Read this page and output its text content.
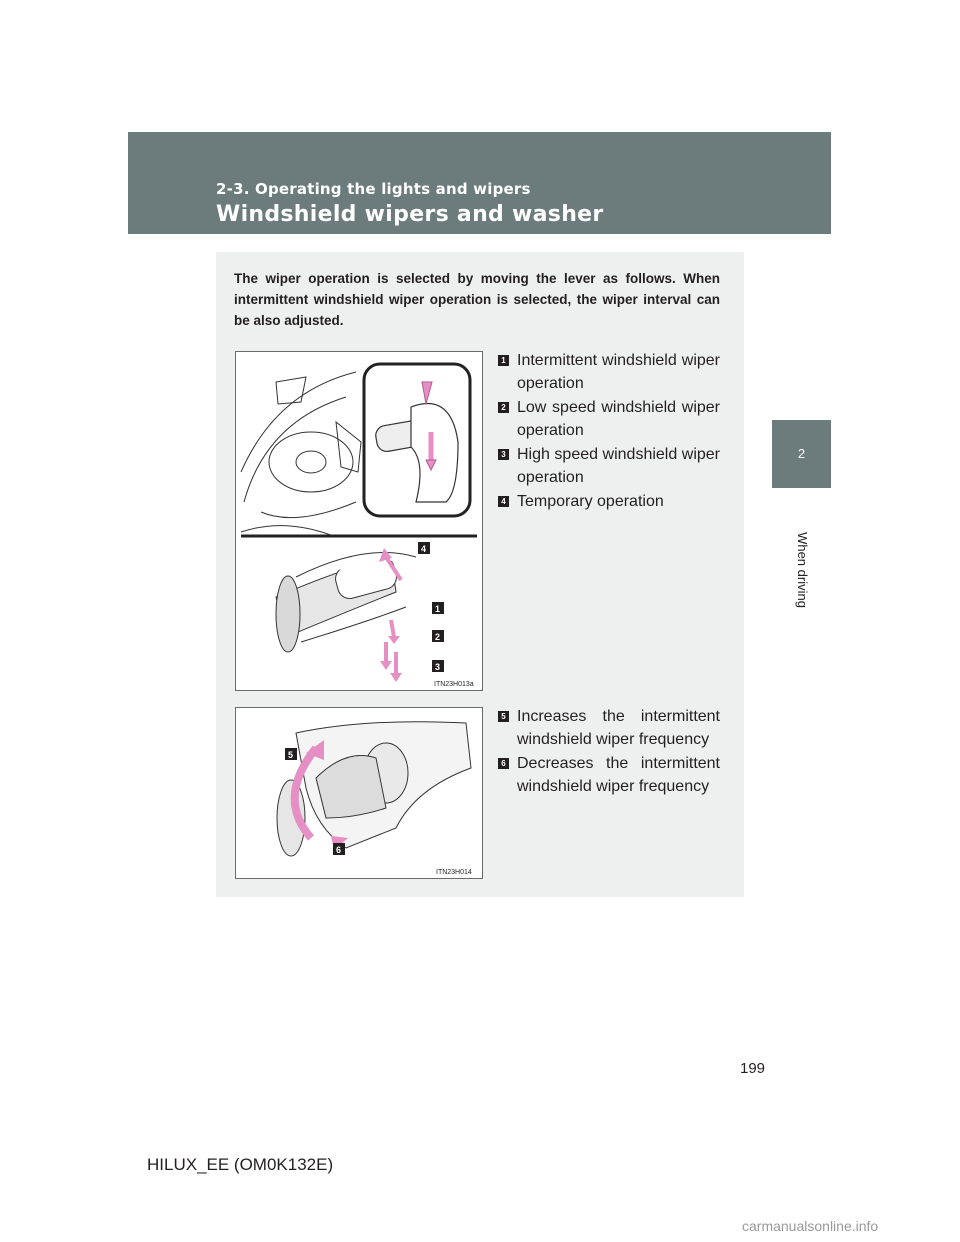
2-3. Operating the lights and wipers
Windshield wipers and washer
2
When driving
The wiper operation is selected by moving the lever as follows. When intermittent windshield wiper operation is selected, the wiper interval can be also adjusted.
4
1
2
3
ITN23H013a
1 Intermittent windshield wiper operation
2 Low speed windshield wiper operation
3 High speed windshield wiper operation
4 Temporary operation
5
6
ITN23H014
5 Increases the intermittent windshield wiper frequency
6 Decreases the intermittent windshield wiper frequency
199
HILUX_EE (OM0K132E)
carmanualsonline.info
